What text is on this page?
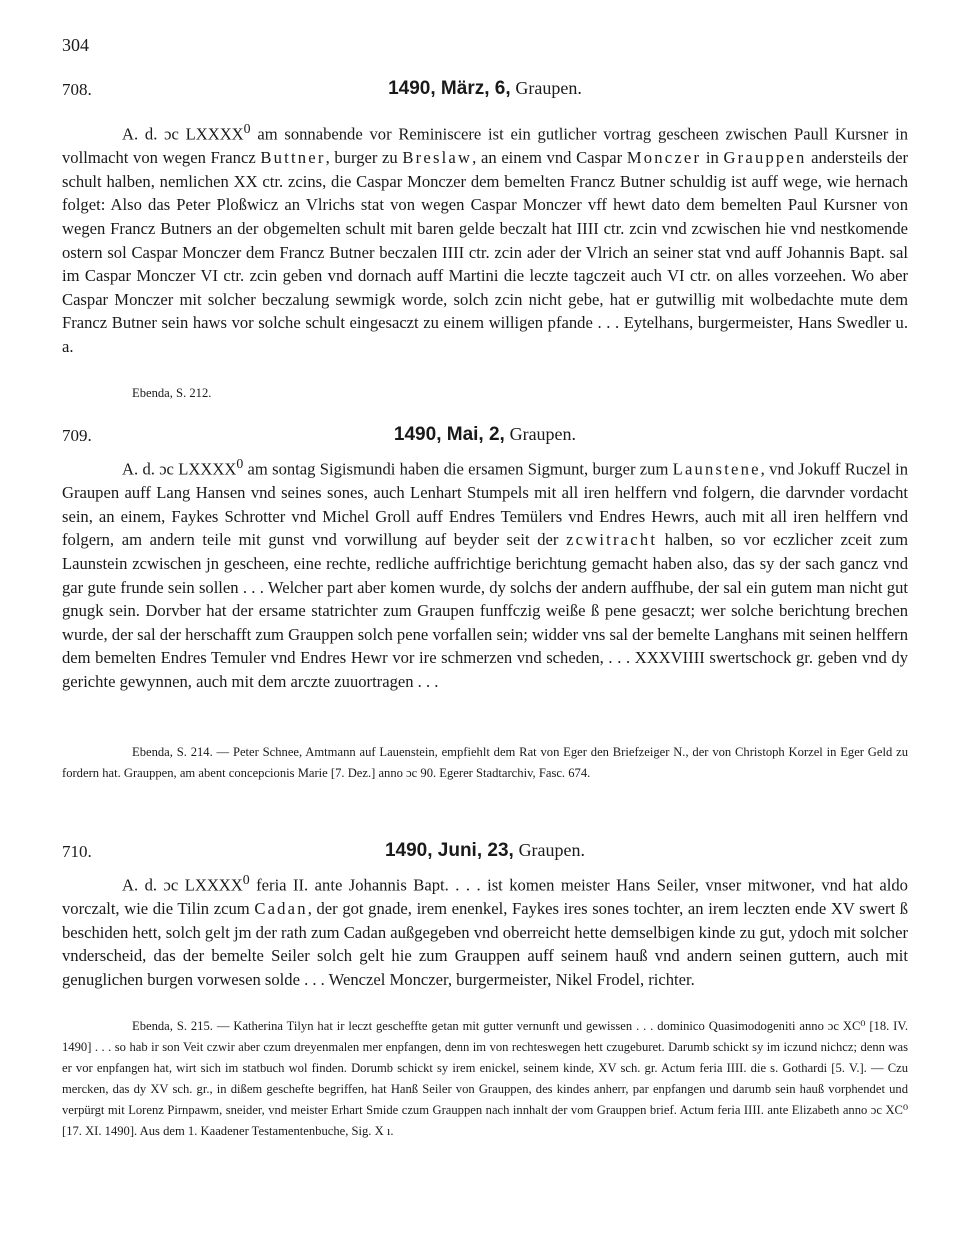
304
708.	1490, März, 6, Graupen.

A. d. ɔc LXXXX$^0$ am sonnabende vor Reminiscere ist ein gutlicher vortrag gescheen zwischen Paull Kursner in vollmacht von wegen Francz Buttner, burger zu Breslaw, an einem vnd Caspar Monczer in Grauppen andersteils der schult halben, nemlichen XX ctr. zcins, die Caspar Monczer dem bemelten Francz Butner schuldig ist auff wege, wie hernach folget: Also das Peter Ploßwicz an Vlrichs stat von wegen Caspar Monczer vff hewt dato dem bemelten Paul Kursner von wegen Francz Butners an der obgemelten schult mit baren gelde beczalt hat IIII ctr. zcin vnd zcwischen hie vnd nestkomende ostern sol Caspar Monczer dem Francz Butner beczalen IIII ctr. zcin ader der Vlrich an seiner stat vnd auff Johannis Bapt. sal im Caspar Monczer VI ctr. zcin geben vnd dornach auff Martini die leczte tagczeit auch VI ctr. on alles vorzeehen. Wo aber Caspar Monczer mit solcher beczalung sewmigk worde, solch zcin nicht gebe, hat er gutwillig mit wolbedachte mute dem Francz Butner sein haws vor solche schult eingesaczt zu einem willigen pfande . . . Eytelhans, burgermeister, Hans Swedler u. a.

Ebenda, S. 212.
709.	1490, Mai, 2, Graupen.

A. d. ɔc LXXXX$^0$ am sontag Sigismundi haben die ersamen Sigmunt, burger zum Launstene, vnd Jokuff Ruczel in Graupen auff Lang Hansen vnd seines sones, auch Lenhart Stumpels mit all iren helffern vnd folgern, die darvnder vordacht sein, an einem, Faykes Schrotter vnd Michel Groll auff Endres Temülers vnd Endres Hewrs, auch mit all iren helffern vnd folgern, am andern teile mit gunst vnd vorwillung auf beyder seit der zcwitracht halben, so vor eczlicher zceit zum Launstein zcwischen jn gescheen, eine rechte, redliche auffrichtige berichtung gemacht haben also, das sy der sach gancz vnd gar gute frunde sein sollen . . . Welcher part aber komen wurde, dy solchs der andern auffhube, der sal ein gutem man nicht gut gnugk sein. Dorvber hat der ersame statrichter zum Graupen funffczig weiße ß pene gesaczt; wer solche berichtung brechen wurde, der sal der herschafft zum Grauppen solch pene vorfallen sein; widder vns sal der bemelte Langhans mit seinen helffern dem bemelten Endres Temuler vnd Endres Hewr vor ire schmerzen vnd scheden, . . . XXXVIIII swertschock gr. geben vnd dy gerichte gewynnen, auch mit dem arczte zuuortragen . . .

Ebenda, S. 214. — Peter Schnee, Amtmann auf Lauenstein, empfiehlt dem Rat von Eger den Briefzeiger N., der von Christoph Korzel in Eger Geld zu fordern hat. Grauppen, am abent concepcionis Marie [7. Dez.] anno ɔc 90. Egerer Stadtarchiv, Fasc. 674.

710.	1490, Juni, 23, Graupen.

A. d. ɔc LXXXX$^0$ feria II. ante Johannis Bapt. . . . ist komen meister Hans Seiler, vnser mitwoner, vnd hat aldo vorczalt, wie die Tilin zcum Cadan, der got gnade, irem enenkel, Faykes ires sones tochter, an irem leczten ende XV swert ß beschiden hett, solch gelt jm der rath zum Cadan außgegeben vnd oberreicht hette demselbigen kinde zu gut, ydoch mit solcher vnderscheid, das der bemelte Seiler solch gelt hie zum Grauppen auff seinem hauß vnd andern seinen guttern, auch mit genuglichen burgen vorwesen solde . . . Wenczel Monczer, burgermeister, Nikel Frodel, richter.

Ebenda, S. 215. — Katherina Tilyn hat ir leczt gescheffte getan mit gutter vernunft und gewissen . . . dominico Quasimodogeniti anno ɔc XC⁰ [18. IV. 1490] . . . so hab ir son Veit czwir aber czum dreyenmalen mer enpfangen, denn im von rechteswegen hett czugeburet. Darumb schickt sy im iczund nichcz; denn was er vor enpfangen hat, wirt sich im statbuch wol finden. Dorumb schickt sy irem enickel, seinem kinde, XV sch. gr. Actum feria IIII. die s. Gothardi [5. V.]. — Czu mercken, das dy XV sch. gr., in dißem geschefte begriffen, hat Hanß Seiler von Grauppen, des kindes anherr, par enpfangen und darumb sein hauß vorphendet und verpürgt mit Lorenz Pirnpawm, sneider, vnd meister Erhart Smide czum Grauppen nach innhalt der vom Grauppen brief. Actum feria IIII. ante Elizabeth anno ɔc XC⁰ [17. XI. 1490]. Aus dem 1. Kaadener Testamentenbuche, Sig. X ı.
